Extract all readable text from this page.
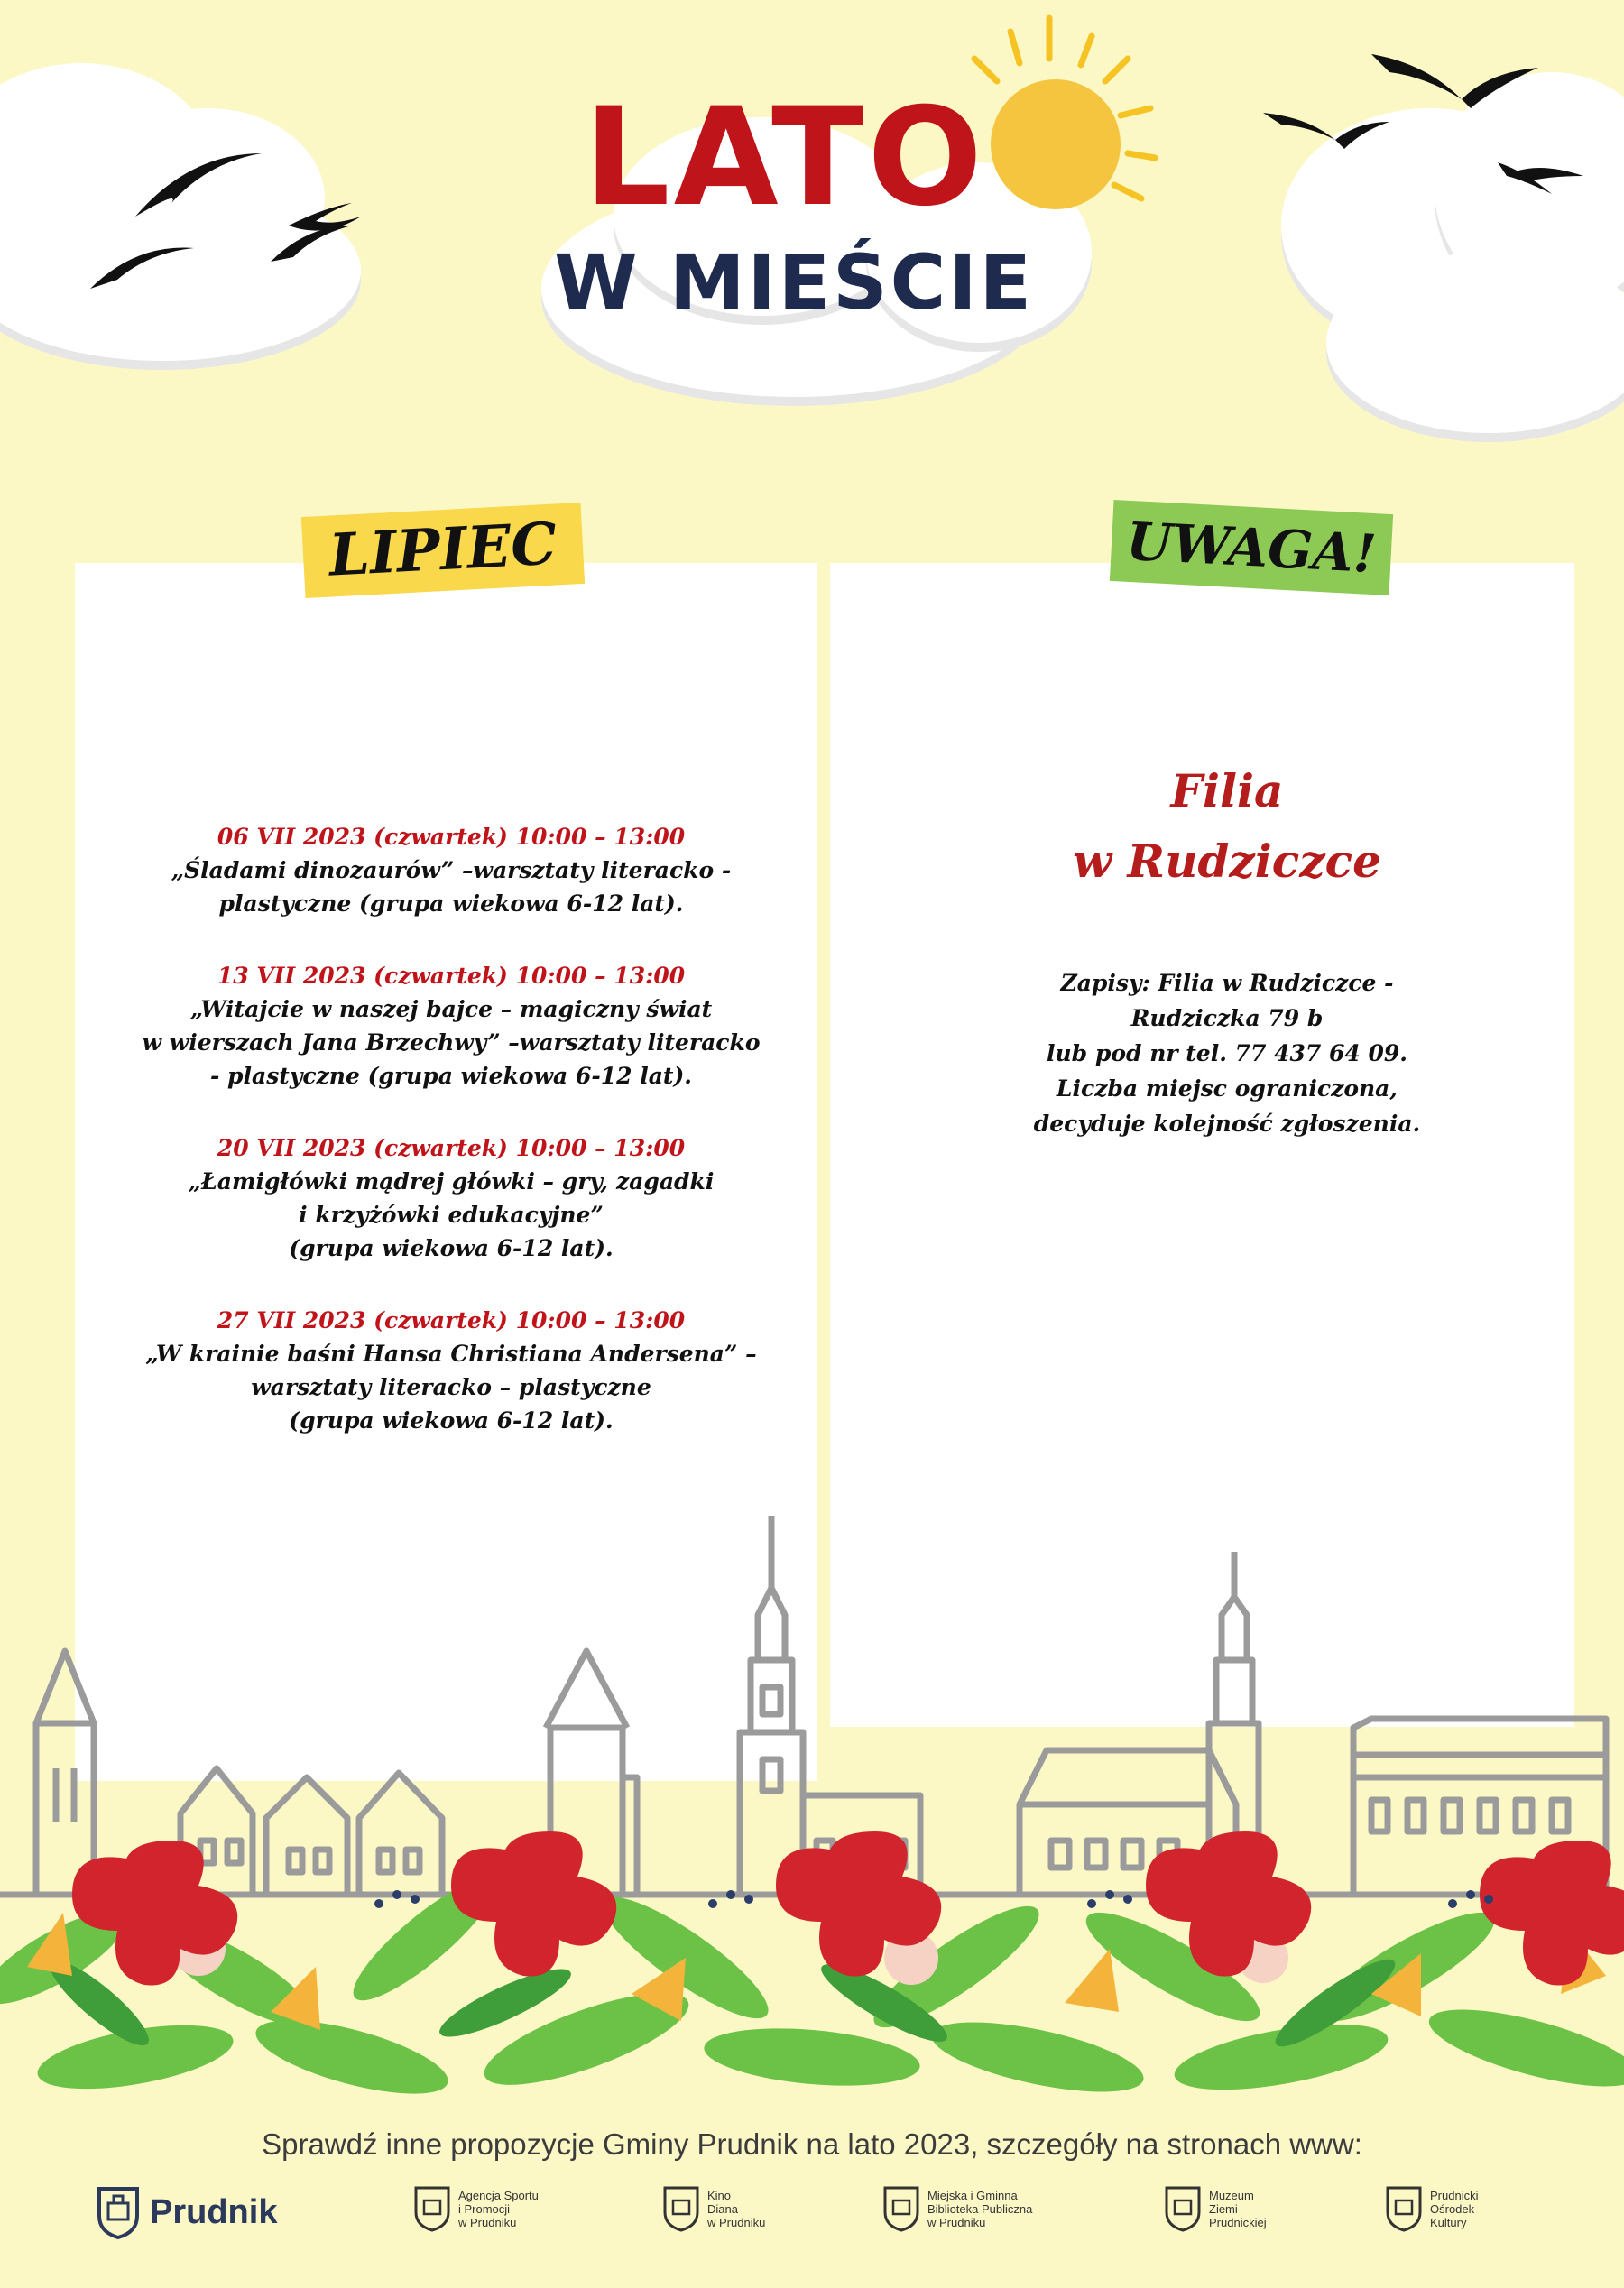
LATO
W MIEŚCIE
LIPIEC	UWAGA!
06 VII 2023 (czwartek) 10:00 – 13:00
„Śladami dinozaurów” –warsztaty literacko -
plastyczne (grupa wiekowa 6-12 lat).
13 VII 2023 (czwartek) 10:00 – 13:00
„Witajcie w naszej bajce – magiczny świat
w wierszach Jana Brzechwy” –warsztaty literacko
- plastyczne (grupa wiekowa 6-12 lat).
20 VII 2023 (czwartek) 10:00 – 13:00
„Łamigłówki mądrej główki – gry, zagadki
i krzyżówki edukacyjne”
(grupa wiekowa 6-12 lat).
27 VII 2023 (czwartek) 10:00 – 13:00
„W krainie baśni Hansa Christiana Andersena” –
warsztaty literacko – plastyczne
(grupa wiekowa 6-12 lat).
Filia
w Rudziczce
Zapisy: Filia w Rudziczce -
Rudziczka 79 b
lub pod nr tel. 77 437 64 09.
Liczba miejsc ograniczona,
decyduje kolejność zgłoszenia.
Sprawdź inne propozycje Gminy Prudnik na lato 2023, szczegóły na stronach www:
Prudnik	Agencja Sportu
i Promocji
w Prudniku
Kino
Diana
w Prudniku
Miejska i Gminna
Biblioteka Publiczna
w Prudniku
Muzeum
Ziemi
Prudnickiej
Prudnicki
Ośrodek
Kultury
